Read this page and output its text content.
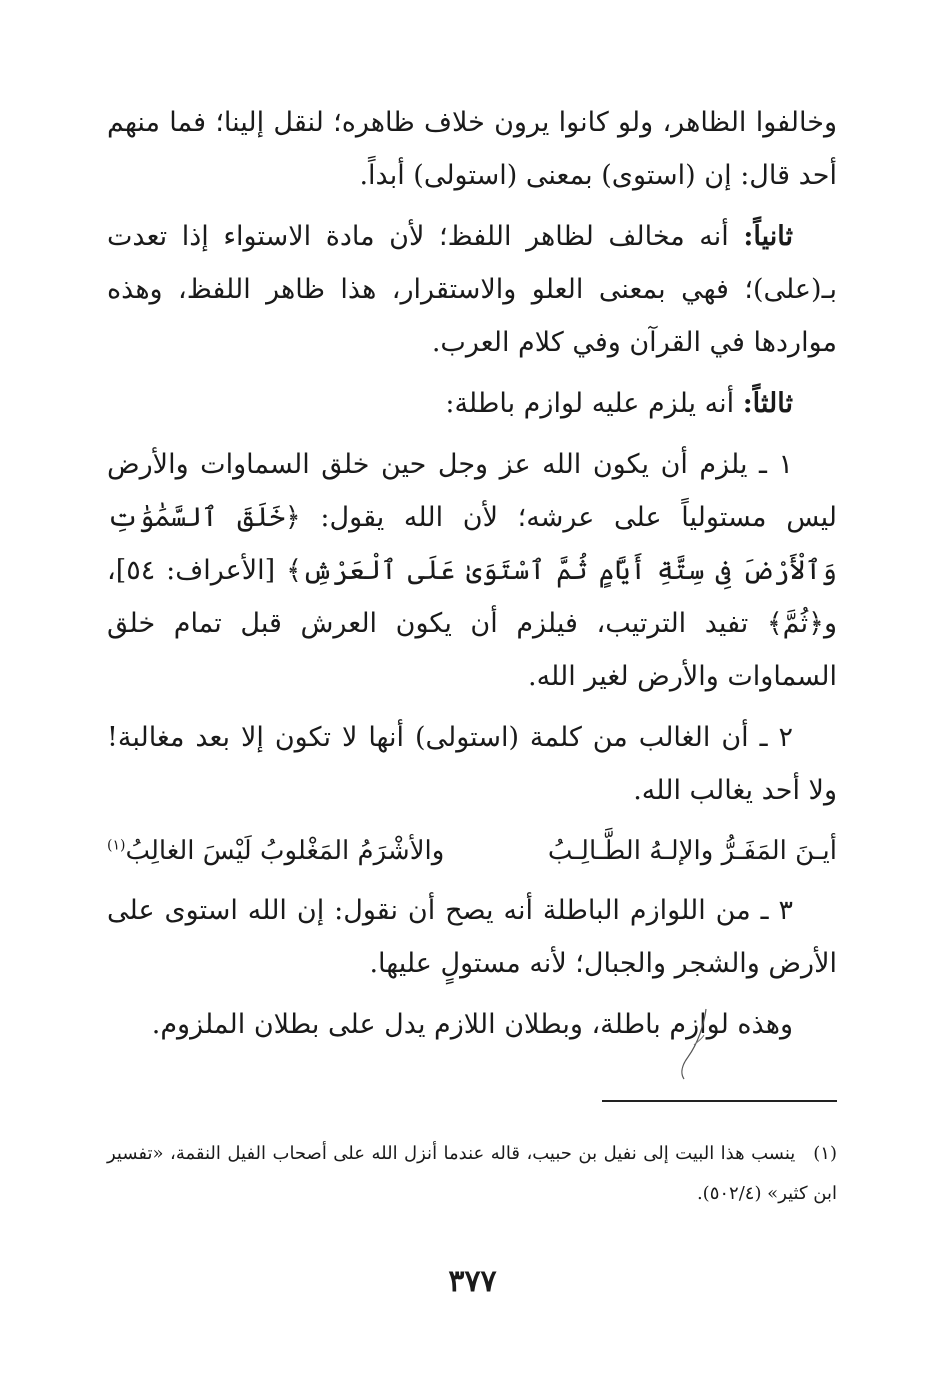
وخالفوا الظاهر، ولو كانوا يرون خلاف ظاهره؛ لنقل إلينا؛ فما منهم أحد قال: إن (استوى) بمعنى (استولى) أبداً.

ثانياً: أنه مخالف لظاهر اللفظ؛ لأن مادة الاستواء إذا تعدت بـ(على)؛ فهي بمعنى العلو والاستقرار، هذا ظاهر اللفظ، وهذه مواردها في القرآن وفي كلام العرب.

ثالثاً: أنه يلزم عليه لوازم باطلة:

١ ـ يلزم أن يكون الله عز وجل حين خلق السماوات والأرض ليس مستولياً على عرشه؛ لأن الله يقول: ﴿خَلَقَ ٱلسَّمَٰوَٰتِ وَٱلْأَرْضَ فِى سِتَّةِ أَيَّامٍ ثُمَّ ٱسْتَوَىٰ عَلَى ٱلْعَرْشِ﴾ [الأعراف: ٥٤]، و﴿ثُمَّ﴾ تفيد الترتيب، فيلزم أن يكون العرش قبل تمام خلق السماوات والأرض لغير الله.

٢ ـ أن الغالب من كلمة (استولى) أنها لا تكون إلا بعد مغالبة! ولا أحد يغالب الله.

أيـنَ المَفَـرُّ والإلـهُ الطَّـالِـبُ
والأشْرَمُ المَغْلوبُ لَيْسَ الغالِبُ$^{(١)}$

٣ ـ من اللوازم الباطلة أنه يصح أن نقول: إن الله استوى على الأرض والشجر والجبال؛ لأنه مستولٍ عليها.

وهذه لوازم باطلة، وبطلان اللازم يدل على بطلان الملزوم.

(١)ينسب هذا البيت إلى نفيل بن حبيب، قاله عندما أنزل الله على أصحاب الفيل النقمة، «تفسير ابن كثير» (٥٠٢/٤).
٣٧٧
